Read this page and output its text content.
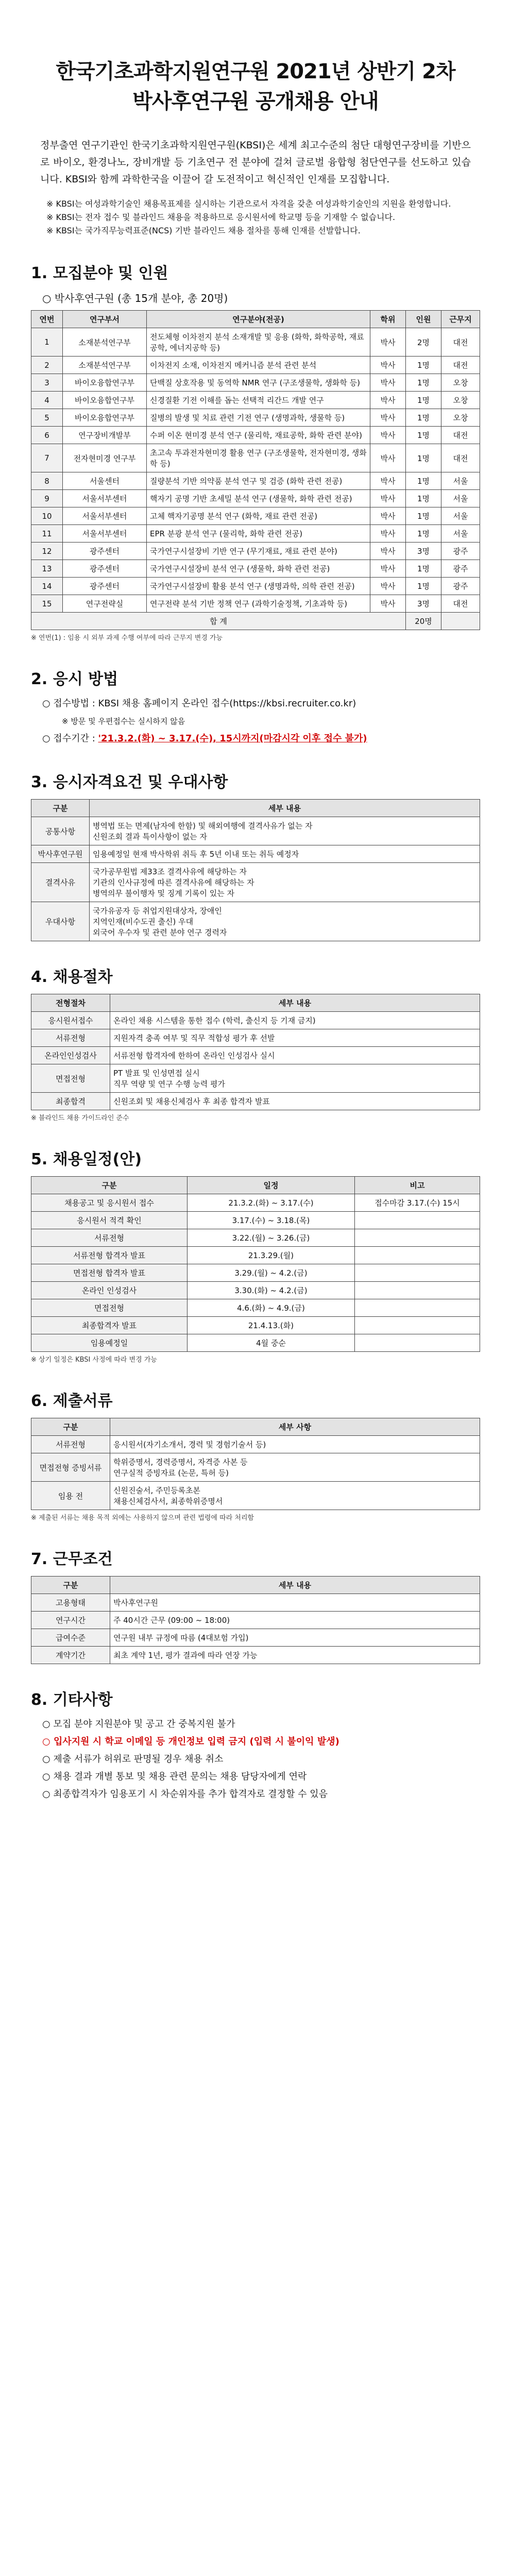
한국기초과학지원연구원 2021년 상반기 2차
박사후연구원 공개채용 안내

정부출연 연구기관인 한국기초과학지원연구원(KBSI)은 세계 최고수준의 첨단 대형연구장비를 기반으로 바이오, 환경나노, 장비개발 등 기초연구 전 분야에 걸쳐 글로벌 융합형 첨단연구를 선도하고 있습니다. KBSI와 함께 과학한국을 이끌어 갈 도전적이고 혁신적인 인재를 모집합니다.

※ KBSI는 여성과학기술인 채용목표제를 실시하는 기관으로서 자격을 갖춘 여성과학기술인의 지원을 환영합니다.
※ KBSI는 전자 접수 및 블라인드 채용을 적용하므로 응시원서에 학교명 등을 기재할 수 없습니다.
※ KBSI는 국가직무능력표준(NCS) 기반 블라인드 채용 절차를 통해 인재를 선발합니다.
1. 모집분야 및 인원
○ 박사후연구원 (총 15개 분야, 총 20명)
연번	연구부서	연구분야(전공)	학위	인원	근무지
1	소재분석연구부	전도체형 이차전지 분석 소재개발 및 응용 (화학, 화학공학, 재료공학, 에너지공학 등)	박사	2명	대전
2	소재분석연구부	이차전지 소재, 이차전지 메커니즘 분석 관련 분석	박사	1명	대전
3	바이오융합연구부	단백질 상호작용 및 동역학 NMR 연구 (구조생물학, 생화학 등)	박사	1명	오창
4	바이오융합연구부	신경질환 기전 이해를 돕는 선택적 리간드 개발 연구	박사	1명	오창
5	바이오융합연구부	질병의 발생 및 치료 관련 기전 연구 (생명과학, 생물학 등)	박사	1명	오창
6	연구장비개발부	수퍼 이온 현미경 분석 연구 (물리학, 재료공학, 화학 관련 분야)	박사	1명	대전
7	전자현미경 연구부	초고속 투과전자현미경 활용 연구 (구조생물학, 전자현미경, 생화학 등)	박사	1명	대전
8	서울센터	질량분석 기반 의약품 분석 연구 및 검증 (화학 관련 전공)	박사	1명	서울
9	서울서부센터	핵자기 공명 기반 초세밀 분석 연구 (생물학, 화학 관련 전공)	박사	1명	서울
10	서울서부센터	고체 핵자기공명 분석 연구 (화학, 재료 관련 전공)	박사	1명	서울
11	서울서부센터	EPR 분광 분석 연구 (물리학, 화학 관련 전공)	박사	1명	서울
12	광주센터	국가연구시설장비 기반 연구 (무기재료, 재료 관련 분야)	박사	3명	광주
13	광주센터	국가연구시설장비 분석 연구 (생물학, 화학 관련 전공)	박사	1명	광주
14	광주센터	국가연구시설장비 활용 분석 연구 (생명과학, 의학 관련 전공)	박사	1명	광주
15	연구전략실	연구전략 분석 기반 정책 연구 (과학기술정책, 기초과학 등)	박사	3명	대전
합 계				20명	
※ 연번(1) : 임용 시 외부 과제 수행 여부에 따라 근무지 변경 가능
2. 응시 방법
○ 접수방법 : KBSI 채용 홈페이지 온라인 접수(https://kbsi.recruiter.co.kr)
※ 방문 및 우편접수는 실시하지 않음
○ 접수기간 : '21.3.2.(화) ~ 3.17.(수), 15시까지(마감시각 이후 접수 불가)
3. 응시자격요건 및 우대사항
구분	세부 내용
공통사항	병역법 또는 면제(남자에 한함) 및 해외여행에 결격사유가 없는 자
신원조회 결과 특이사항이 없는 자
박사후연구원	임용예정일 현재 박사학위 취득 후 5년 이내 또는 취득 예정자
결격사유	국가공무원법 제33조 결격사유에 해당하는 자
기관의 인사규정에 따른 결격사유에 해당하는 자
병역의무 불이행자 및 징계 기록이 있는 자
우대사항	국가유공자 등 취업지원대상자, 장애인
지역인재(비수도권 출신) 우대
외국어 우수자 및 관련 분야 연구 경력자
4. 채용절차
전형절차	세부 내용
응시원서접수	온라인 채용 시스템을 통한 접수 (학력, 출신지 등 기재 금지)
서류전형	지원자격 충족 여부 및 직무 적합성 평가 후 선발
온라인인성검사	서류전형 합격자에 한하여 온라인 인성검사 실시
면접전형	PT 발표 및 인성면접 실시
직무 역량 및 연구 수행 능력 평가
최종합격	신원조회 및 채용신체검사 후 최종 합격자 발표
※ 블라인드 채용 가이드라인 준수
5. 채용일정(안)
구분	일정	비고
채용공고 및 응시원서 접수	21.3.2.(화) ~ 3.17.(수)	접수마감 3.17.(수) 15시
응시원서 적격 확인	3.17.(수) ~ 3.18.(목)	
서류전형	3.22.(월) ~ 3.26.(금)	
서류전형 합격자 발표	21.3.29.(월)	
면접전형 합격자 발표	3.29.(월) ~ 4.2.(금)	
온라인 인성검사	3.30.(화) ~ 4.2.(금)	
면접전형	4.6.(화) ~ 4.9.(금)	
최종합격자 발표	21.4.13.(화)	
임용예정일	4월 중순	
※ 상기 일정은 KBSI 사정에 따라 변경 가능
6. 제출서류
구분	세부 사항
서류전형	응시원서(자기소개서, 경력 및 경험기술서 등)
면접전형 증빙서류	학위증명서, 경력증명서, 자격증 사본 등
연구실적 증빙자료 (논문, 특허 등)
임용 전	신원진술서, 주민등록초본
채용신체검사서, 최종학위증명서
※ 제출된 서류는 채용 목적 외에는 사용하지 않으며 관련 법령에 따라 처리함
7. 근무조건
구분	세부 내용
고용형태	박사후연구원
연구시간	주 40시간 근무 (09:00 ~ 18:00)
급여수준	연구원 내부 규정에 따름 (4대보험 가입)
계약기간	최초 계약 1년, 평가 결과에 따라 연장 가능
8. 기타사항
○ 모집 분야 지원분야 및 공고 간 중복지원 불가
○ 입사지원 시 학교 이메일 등 개인정보 입력 금지 (입력 시 불이익 발생)
○ 제출 서류가 허위로 판명될 경우 채용 취소
○ 채용 결과 개별 통보 및 채용 관련 문의는 채용 담당자에게 연락
○ 최종합격자가 임용포기 시 차순위자를 추가 합격자로 결정할 수 있음
